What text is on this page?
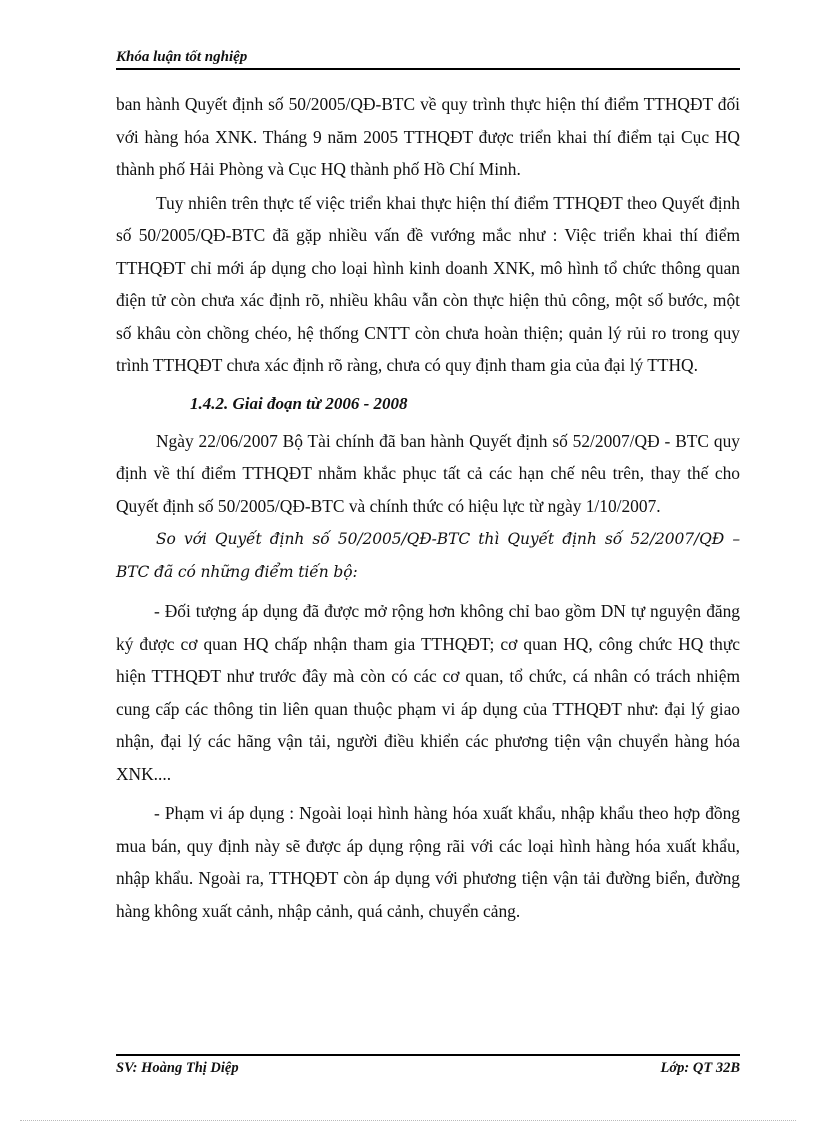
Khóa luận tốt nghiệp

ban hành Quyết định số 50/2005/QĐ-BTC về quy trình thực hiện thí điểm TTHQĐT đối với hàng hóa XNK. Tháng 9 năm 2005 TTHQĐT được triển khai thí điểm tại Cục HQ thành phố Hải Phòng và Cục HQ thành phố Hồ Chí Minh.

Tuy nhiên trên thực tế việc triển khai thực hiện thí điểm TTHQĐT theo Quyết định số 50/2005/QĐ-BTC đã gặp nhiều vấn đề vướng mắc như : Việc triển khai thí điểm TTHQĐT chỉ mới áp dụng cho loại hình kinh doanh XNK, mô hình tổ chức thông quan điện tử còn chưa xác định rõ, nhiều khâu vẫn còn thực hiện thủ công, một số bước, một số khâu còn chồng chéo, hệ thống CNTT còn chưa hoàn thiện; quản lý rủi ro trong quy trình TTHQĐT chưa xác định rõ ràng, chưa có quy định tham gia của đại lý TTHQ.

1.4.2. Giai đoạn từ 2006 - 2008

Ngày 22/06/2007 Bộ Tài chính đã ban hành Quyết định số 52/2007/QĐ - BTC quy định về thí điểm TTHQĐT nhằm khắc phục tất cả các hạn chế nêu trên, thay thế cho Quyết định số 50/2005/QĐ-BTC và chính thức có hiệu lực từ ngày 1/10/2007.

So với Quyết định số 50/2005/QĐ-BTC thì Quyết định số 52/2007/QĐ – BTC đã có những điểm tiến bộ:

- Đối tượng áp dụng đã được mở rộng hơn không chỉ bao gồm DN tự nguyện đăng ký được cơ quan HQ chấp nhận tham gia TTHQĐT; cơ quan HQ, công chức HQ thực hiện TTHQĐT như trước đây mà còn có các cơ quan, tổ chức, cá nhân có trách nhiệm cung cấp các thông tin liên quan thuộc phạm vi áp dụng của TTHQĐT như: đại lý giao nhận, đại lý các hãng vận tải, người điều khiển các phương tiện vận chuyển hàng hóa XNK....

- Phạm vi áp dụng : Ngoài loại hình hàng hóa xuất khẩu, nhập khẩu theo hợp đồng mua bán, quy định này sẽ được áp dụng rộng rãi với các loại hình hàng hóa xuất khẩu, nhập khẩu. Ngoài ra, TTHQĐT còn áp dụng với phương tiện vận tải đường biển, đường hàng không xuất cảnh, nhập cảnh, quá cảnh, chuyển cảng.

SV: Hoàng Thị Diệp	Lớp: QT 32B
